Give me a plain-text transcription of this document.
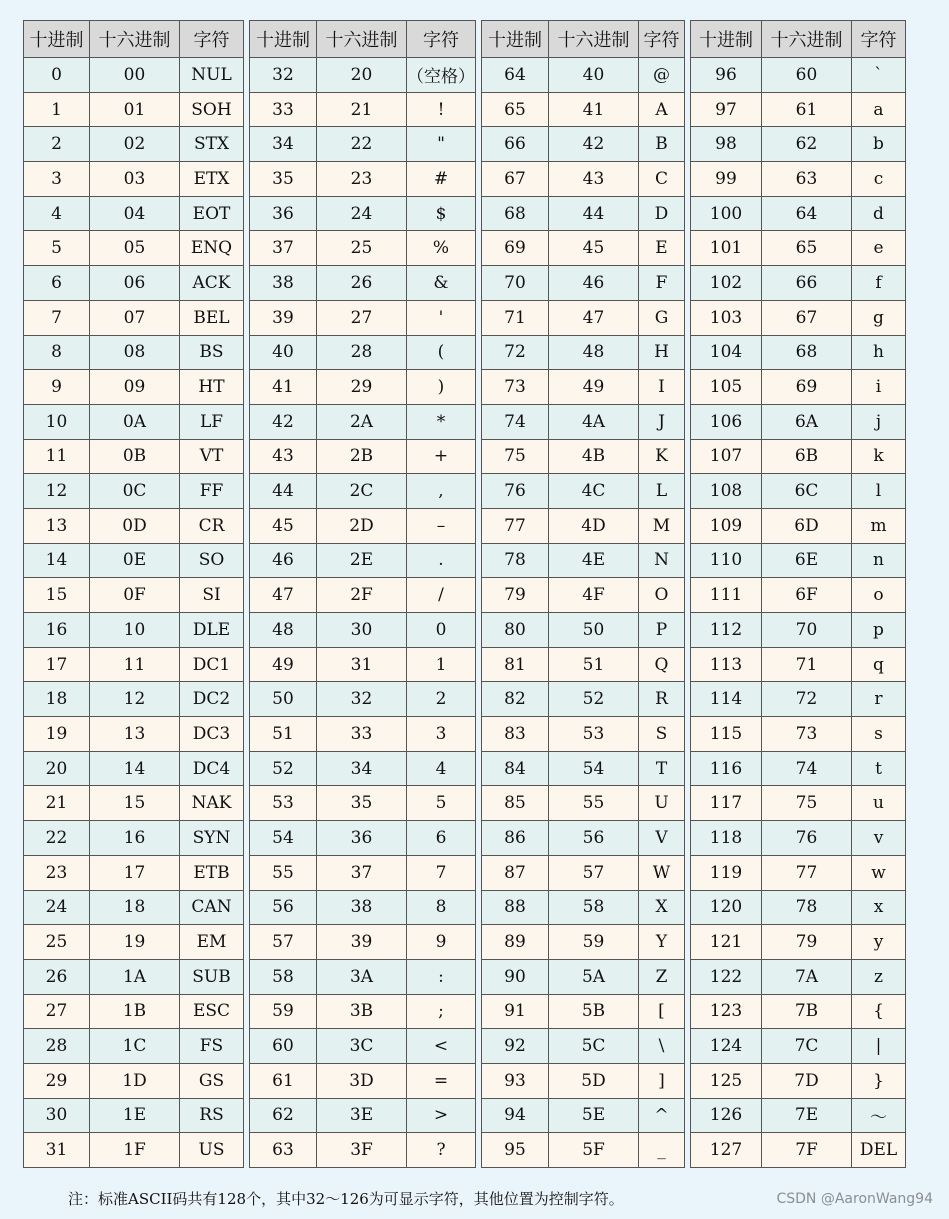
十进制	十六进制	字符
0	00	NUL
1	01	SOH
2	02	STX
3	03	ETX
4	04	EOT
5	05	ENQ
6	06	ACK
7	07	BEL
8	08	BS
9	09	HT
10	0A	LF
11	0B	VT
12	0C	FF
13	0D	CR
14	0E	SO
15	0F	SI
16	10	DLE
17	11	DC1
18	12	DC2
19	13	DC3
20	14	DC4
21	15	NAK
22	16	SYN
23	17	ETB
24	18	CAN
25	19	EM
26	1A	SUB
27	1B	ESC
28	1C	FS
29	1D	GS
30	1E	RS
31	1F	US
十进制	十六进制	字符
32	20	（空格）
33	21	!
34	22	"
35	23	#
36	24	$
37	25	%
38	26	&
39	27	'
40	28	(
41	29	)
42	2A	*
43	2B	+
44	2C	,
45	2D	–
46	2E	.
47	2F	/
48	30	0
49	31	1
50	32	2
51	33	3
52	34	4
53	35	5
54	36	6
55	37	7
56	38	8
57	39	9
58	3A	:
59	3B	;
60	3C	<
61	3D	=
62	3E	>
63	3F	?
十进制	十六进制	字符
64	40	@
65	41	A
66	42	B
67	43	C
68	44	D
69	45	E
70	46	F
71	47	G
72	48	H
73	49	I
74	4A	J
75	4B	K
76	4C	L
77	4D	M
78	4E	N
79	4F	O
80	50	P
81	51	Q
82	52	R
83	53	S
84	54	T
85	55	U
86	56	V
87	57	W
88	58	X
89	59	Y
90	5A	Z
91	5B	[
92	5C	\
93	5D	]
94	5E	^
95	5F	_
十进制	十六进制	字符
96	60	`
97	61	a
98	62	b
99	63	c
100	64	d
101	65	e
102	66	f
103	67	g
104	68	h
105	69	i
106	6A	j
107	6B	k
108	6C	l
109	6D	m
110	6E	n
111	6F	o
112	70	p
113	71	q
114	72	r
115	73	s
116	74	t
117	75	u
118	76	v
119	77	w
120	78	x
121	79	y
122	7A	z
123	7B	{
124	7C	|
125	7D	}
126	7E	～
127	7F	DEL
注：标准ASCII码共有128个，其中32～126为可显示字符，其他位置为控制字符。	CSDN @AaronWang94
